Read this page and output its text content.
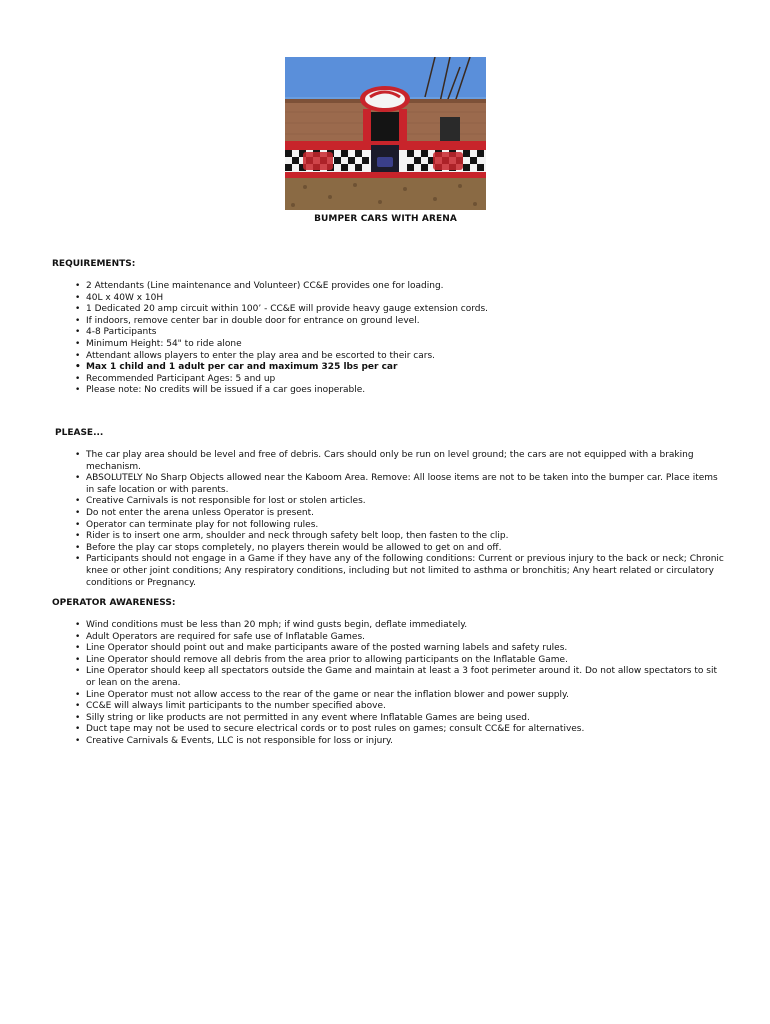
BUMPER CARS WITH ARENA
REQUIREMENTS:
• 2 Attendants (Line maintenance and Volunteer) CC&E provides one for loading.
• 40L x 40W x 10H
• 1 Dedicated 20 amp circuit within 100’ - CC&E will provide heavy gauge extension cords.
• If indoors, remove center bar in double door for entrance on ground level.
• 4-8 Participants
• Minimum Height: 54" to ride alone
• Attendant allows players to enter the play area and be escorted to their cars.
• Max 1 child and 1 adult per car and maximum 325 lbs per car
• Recommended Participant Ages: 5 and up
• Please note: No credits will be issued if a car goes inoperable.
PLEASE...
• The car play area should be level and free of debris. Cars should only be run on level ground; the cars are not equipped with a braking mechanism.
• ABSOLUTELY No Sharp Objects allowed near the Kaboom Area. Remove: All loose items are not to be taken into the bumper car. Place items in safe location or with parents.
• Creative Carnivals is not responsible for lost or stolen articles.
• Do not enter the arena unless Operator is present.
• Operator can terminate play for not following rules.
• Rider is to insert one arm, shoulder and neck through safety belt loop, then fasten to the clip.
• Before the play car stops completely, no players therein would be allowed to get on and off.
• Participants should not engage in a Game if they have any of the following conditions: Current or previous injury to the back or neck; Chronic knee or other joint conditions; Any respiratory conditions, including but not limited to asthma or bronchitis; Any heart related or circulatory conditions or Pregnancy.
OPERATOR AWARENESS:
• Wind conditions must be less than 20 mph; if wind gusts begin, deflate immediately.
• Adult Operators are required for safe use of Inflatable Games.
• Line Operator should point out and make participants aware of the posted warning labels and safety rules.
• Line Operator should remove all debris from the area prior to allowing participants on the Inflatable Game.
• Line Operator should keep all spectators outside the Game and maintain at least a 3 foot perimeter around it. Do not allow spectators to sit or lean on the arena.
• Line Operator must not allow access to the rear of the game or near the inflation blower and power supply.
• CC&E will always limit participants to the number specified above.
• Silly string or like products are not permitted in any event where Inflatable Games are being used.
• Duct tape may not be used to secure electrical cords or to post rules on games; consult CC&E for alternatives.
• Creative Carnivals & Events, LLC is not responsible for loss or injury.
